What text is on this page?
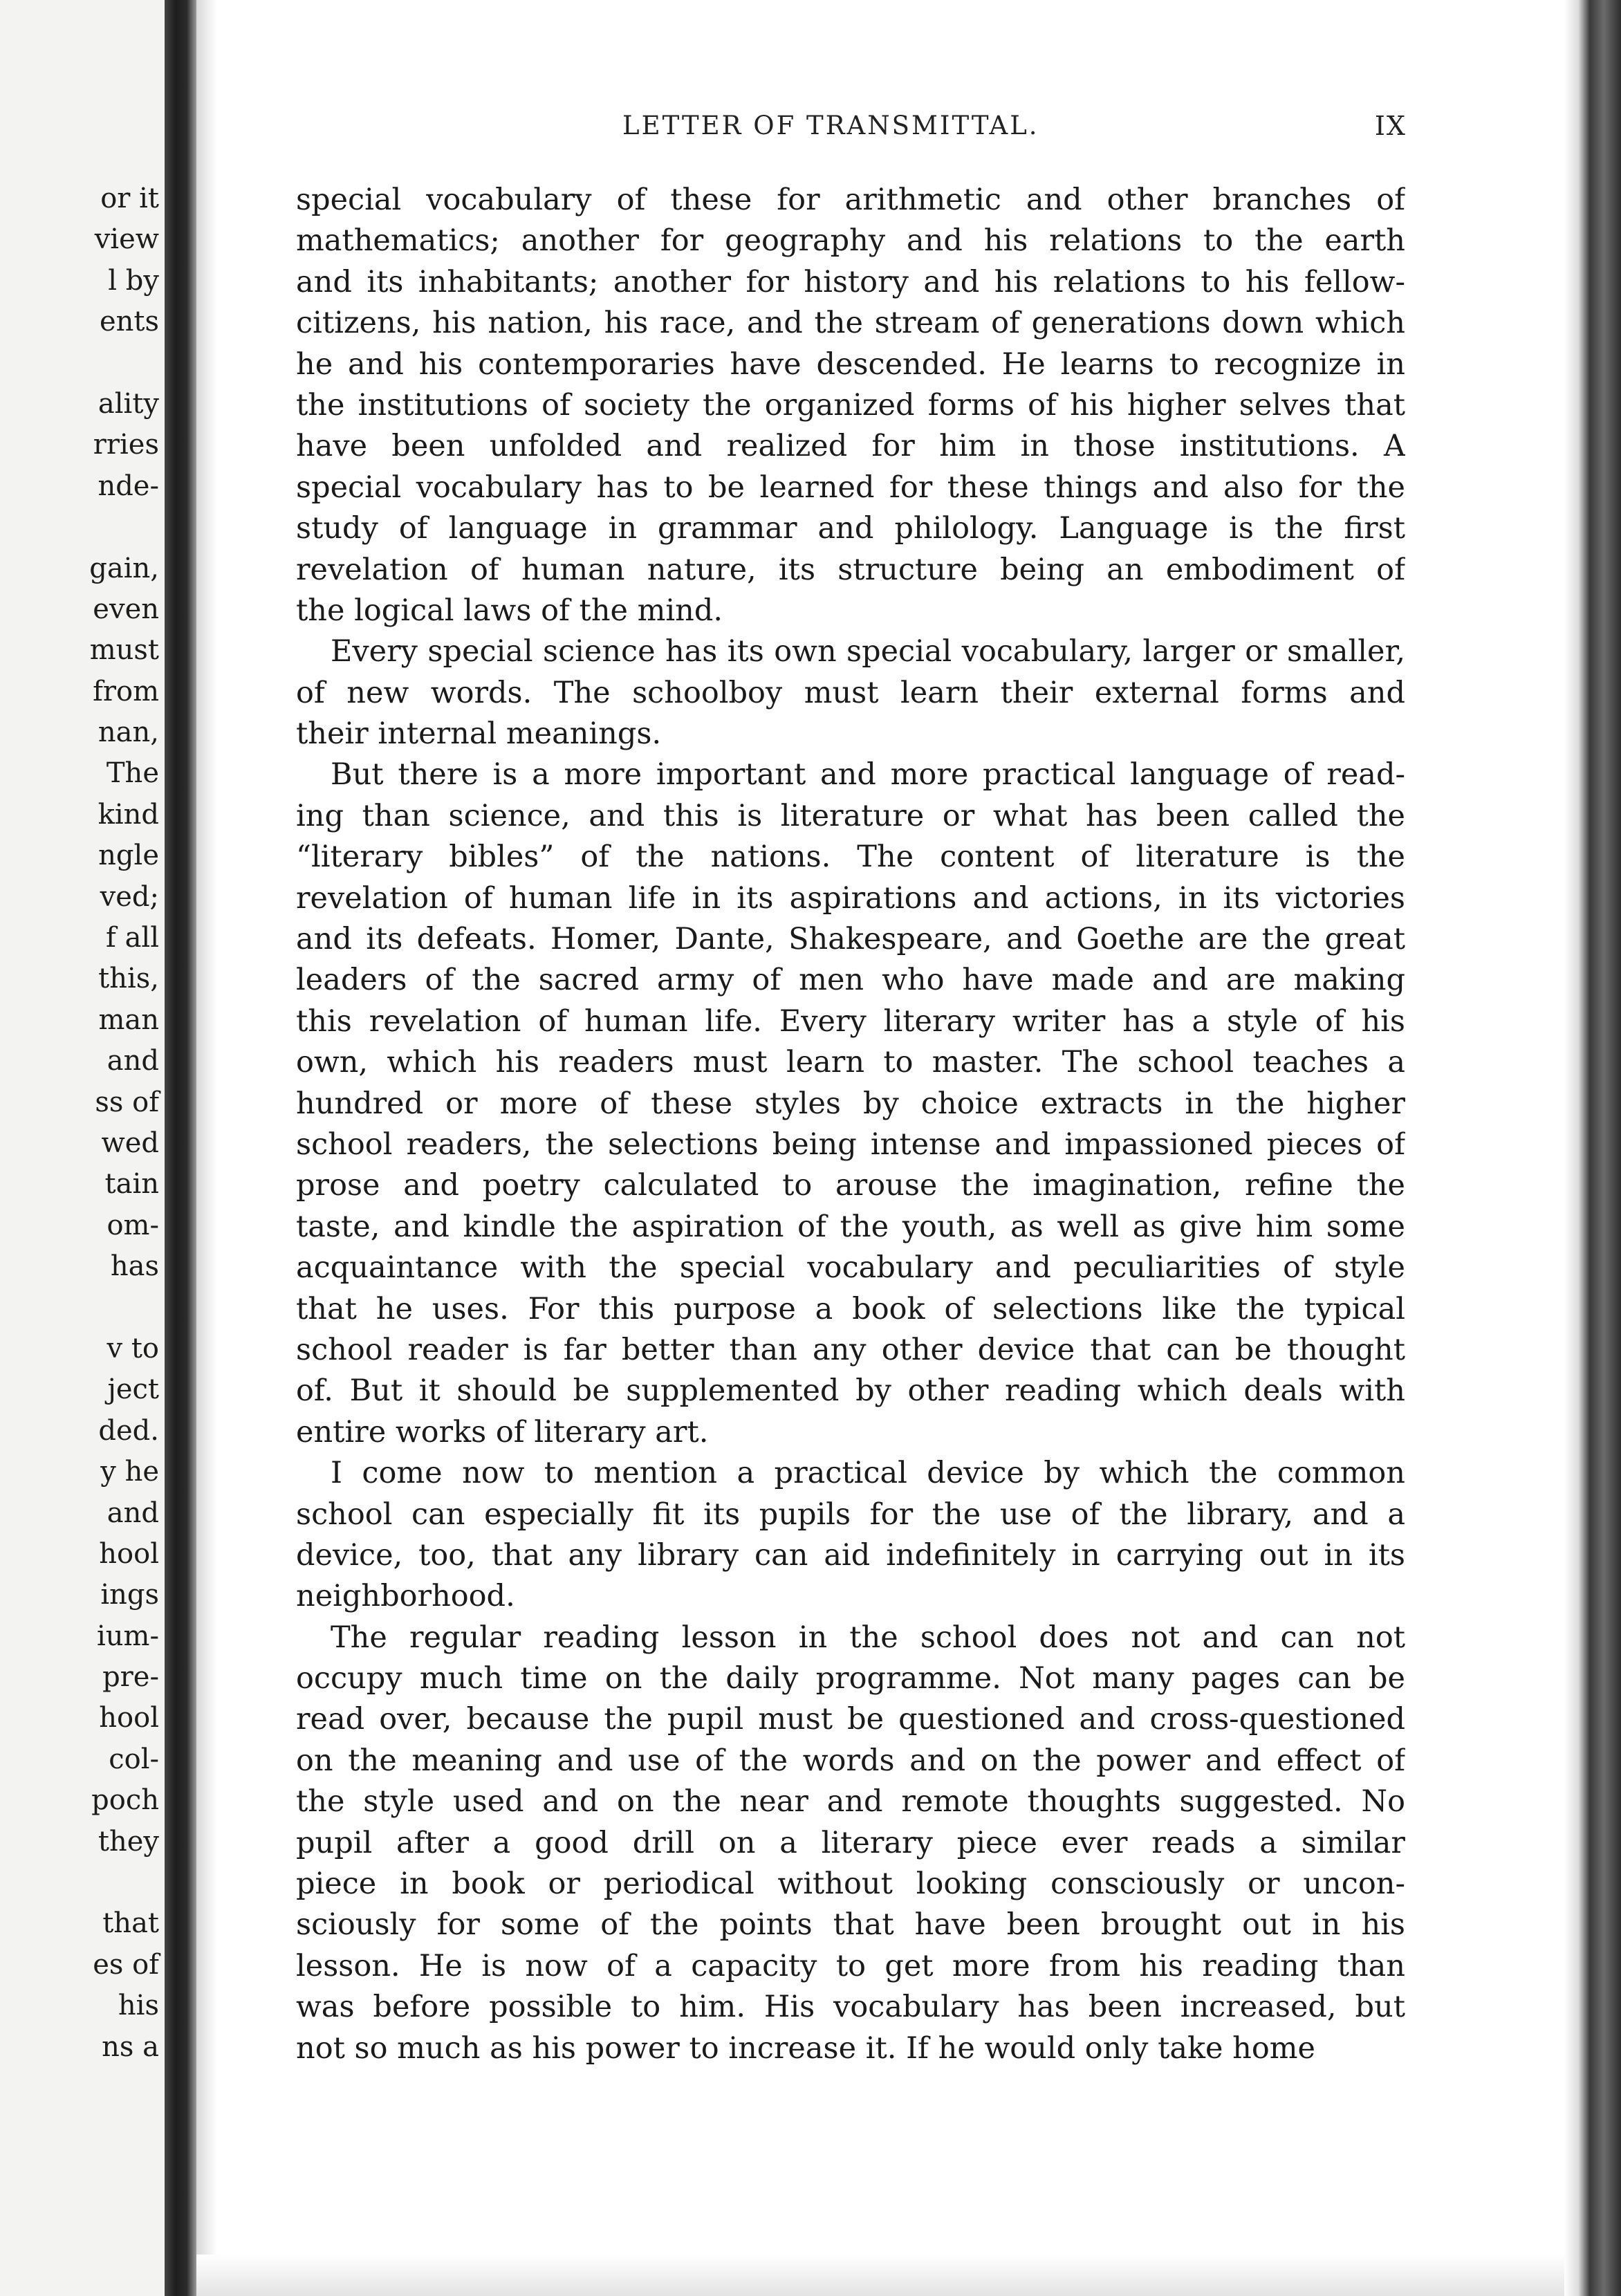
or it
view
l by
ents
ality
rries
nde-
gain,
even
must
from
nan,
The
kind
ngle
ved;
f all
this,
man
and
ss of
wed
tain
om-
has
v to
ject
ded.
y he
and
hool
ings
ium-
pre-
hool
col-
poch
they
that
es of
his
ns a
LETTER OF TRANSMITTAL.	IX
special vocabulary of these for arithmetic and other branches of
mathematics; another for geography and his relations to the earth
and its inhabitants; another for history and his relations to his fellow-
citizens, his nation, his race, and the stream of generations down which
he and his contemporaries have descended. He learns to recognize in
the institutions of society the organized forms of his higher selves that
have been unfolded and realized for him in those institutions. A
special vocabulary has to be learned for these things and also for the
study of language in grammar and philology. Language is the first
revelation of human nature, its structure being an embodiment of
the logical laws of the mind.
Every special science has its own special vocabulary, larger or smaller,
of new words. The schoolboy must learn their external forms and
their internal meanings.
But there is a more important and more practical language of read-
ing than science, and this is literature or what has been called the
“literary bibles” of the nations. The content of literature is the
revelation of human life in its aspirations and actions, in its victories
and its defeats. Homer, Dante, Shakespeare, and Goethe are the great
leaders of the sacred army of men who have made and are making
this revelation of human life. Every literary writer has a style of his
own, which his readers must learn to master. The school teaches a
hundred or more of these styles by choice extracts in the higher
school readers, the selections being intense and impassioned pieces of
prose and poetry calculated to arouse the imagination, refine the
taste, and kindle the aspiration of the youth, as well as give him some
acquaintance with the special vocabulary and peculiarities of style
that he uses. For this purpose a book of selections like the typical
school reader is far better than any other device that can be thought
of. But it should be supplemented by other reading which deals with
entire works of literary art.
I come now to mention a practical device by which the common
school can especially fit its pupils for the use of the library, and a
device, too, that any library can aid indefinitely in carrying out in its
neighborhood.
The regular reading lesson in the school does not and can not
occupy much time on the daily programme. Not many pages can be
read over, because the pupil must be questioned and cross-questioned
on the meaning and use of the words and on the power and effect of
the style used and on the near and remote thoughts suggested. No
pupil after a good drill on a literary piece ever reads a similar
piece in book or periodical without looking consciously or uncon-
sciously for some of the points that have been brought out in his
lesson. He is now of a capacity to get more from his reading than
was before possible to him. His vocabulary has been increased, but
not so much as his power to increase it. If he would only take home
